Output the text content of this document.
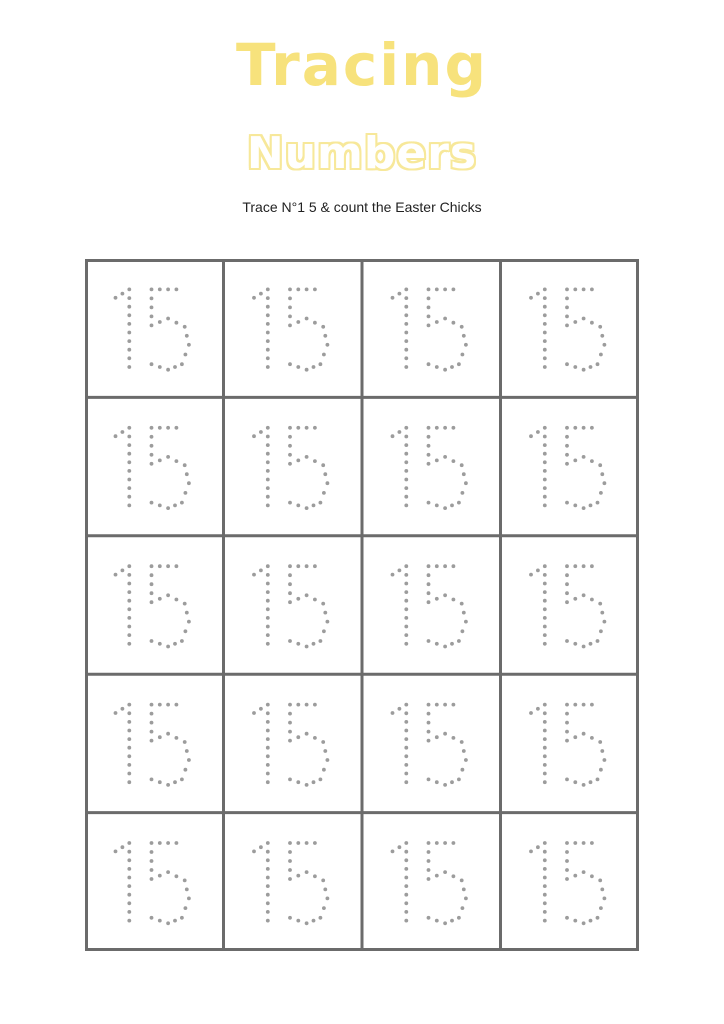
Tracing
Numbers
Trace N°1 5 & count the Easter Chicks
